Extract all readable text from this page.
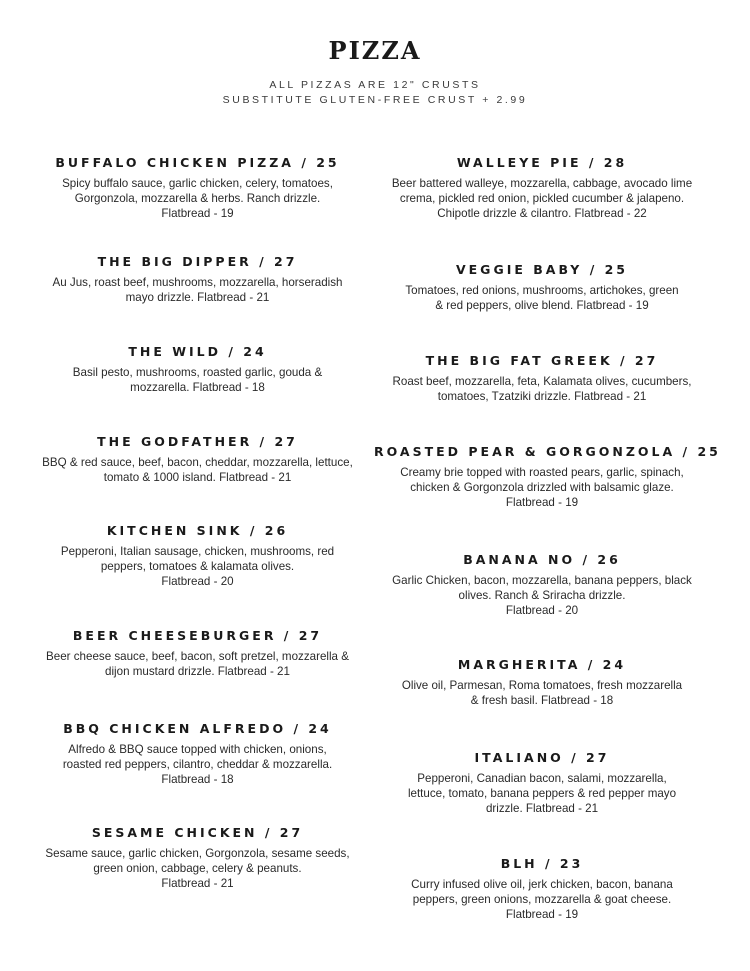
PIZZA
ALL PIZZAS ARE 12" CRUSTS
SUBSTITUTE GLUTEN-FREE CRUST + 2.99
BUFFALO CHICKEN PIZZA / 25
Spicy buffalo sauce, garlic chicken, celery, tomatoes,
Gorgonzola, mozzarella & herbs. Ranch drizzle.
Flatbread - 19
THE BIG DIPPER / 27
Au Jus, roast beef, mushrooms, mozzarella, horseradish
mayo drizzle. Flatbread - 21
THE WILD / 24
Basil pesto, mushrooms, roasted garlic, gouda &
mozzarella. Flatbread - 18
THE GODFATHER / 27
BBQ & red sauce, beef, bacon, cheddar, mozzarella, lettuce,
tomato & 1000 island. Flatbread - 21
KITCHEN SINK / 26
Pepperoni, Italian sausage, chicken, mushrooms, red
peppers, tomatoes & kalamata olives.
Flatbread - 20
BEER CHEESEBURGER / 27
Beer cheese sauce, beef, bacon, soft pretzel, mozzarella &
dijon mustard drizzle. Flatbread - 21
BBQ CHICKEN ALFREDO / 24
Alfredo & BBQ sauce topped with chicken, onions,
roasted red peppers, cilantro, cheddar & mozzarella.
Flatbread - 18
SESAME CHICKEN / 27
Sesame sauce, garlic chicken, Gorgonzola, sesame seeds,
green onion, cabbage, celery & peanuts.
Flatbread - 21
WALLEYE PIE / 28
Beer battered walleye, mozzarella, cabbage, avocado lime
crema, pickled red onion, pickled cucumber & jalapeno.
Chipotle drizzle & cilantro. Flatbread - 22
VEGGIE BABY / 25
Tomatoes, red onions, mushrooms, artichokes, green
& red peppers, olive blend. Flatbread - 19
THE BIG FAT GREEK / 27
Roast beef, mozzarella, feta, Kalamata olives, cucumbers,
tomatoes, Tzatziki drizzle. Flatbread - 21
ROASTED PEAR & GORGONZOLA / 25
Creamy brie topped with roasted pears, garlic, spinach,
chicken & Gorgonzola drizzled with balsamic glaze.
Flatbread - 19
BANANA NO / 26
Garlic Chicken, bacon, mozzarella, banana peppers, black
olives. Ranch & Sriracha drizzle.
Flatbread - 20
MARGHERITA / 24
Olive oil, Parmesan, Roma tomatoes, fresh mozzarella
& fresh basil. Flatbread - 18
ITALIANO / 27
Pepperoni, Canadian bacon, salami, mozzarella,
lettuce, tomato, banana peppers & red pepper mayo
drizzle. Flatbread - 21
BLH / 23
Curry infused olive oil, jerk chicken, bacon, banana
peppers, green onions, mozzarella & goat cheese.
Flatbread - 19
